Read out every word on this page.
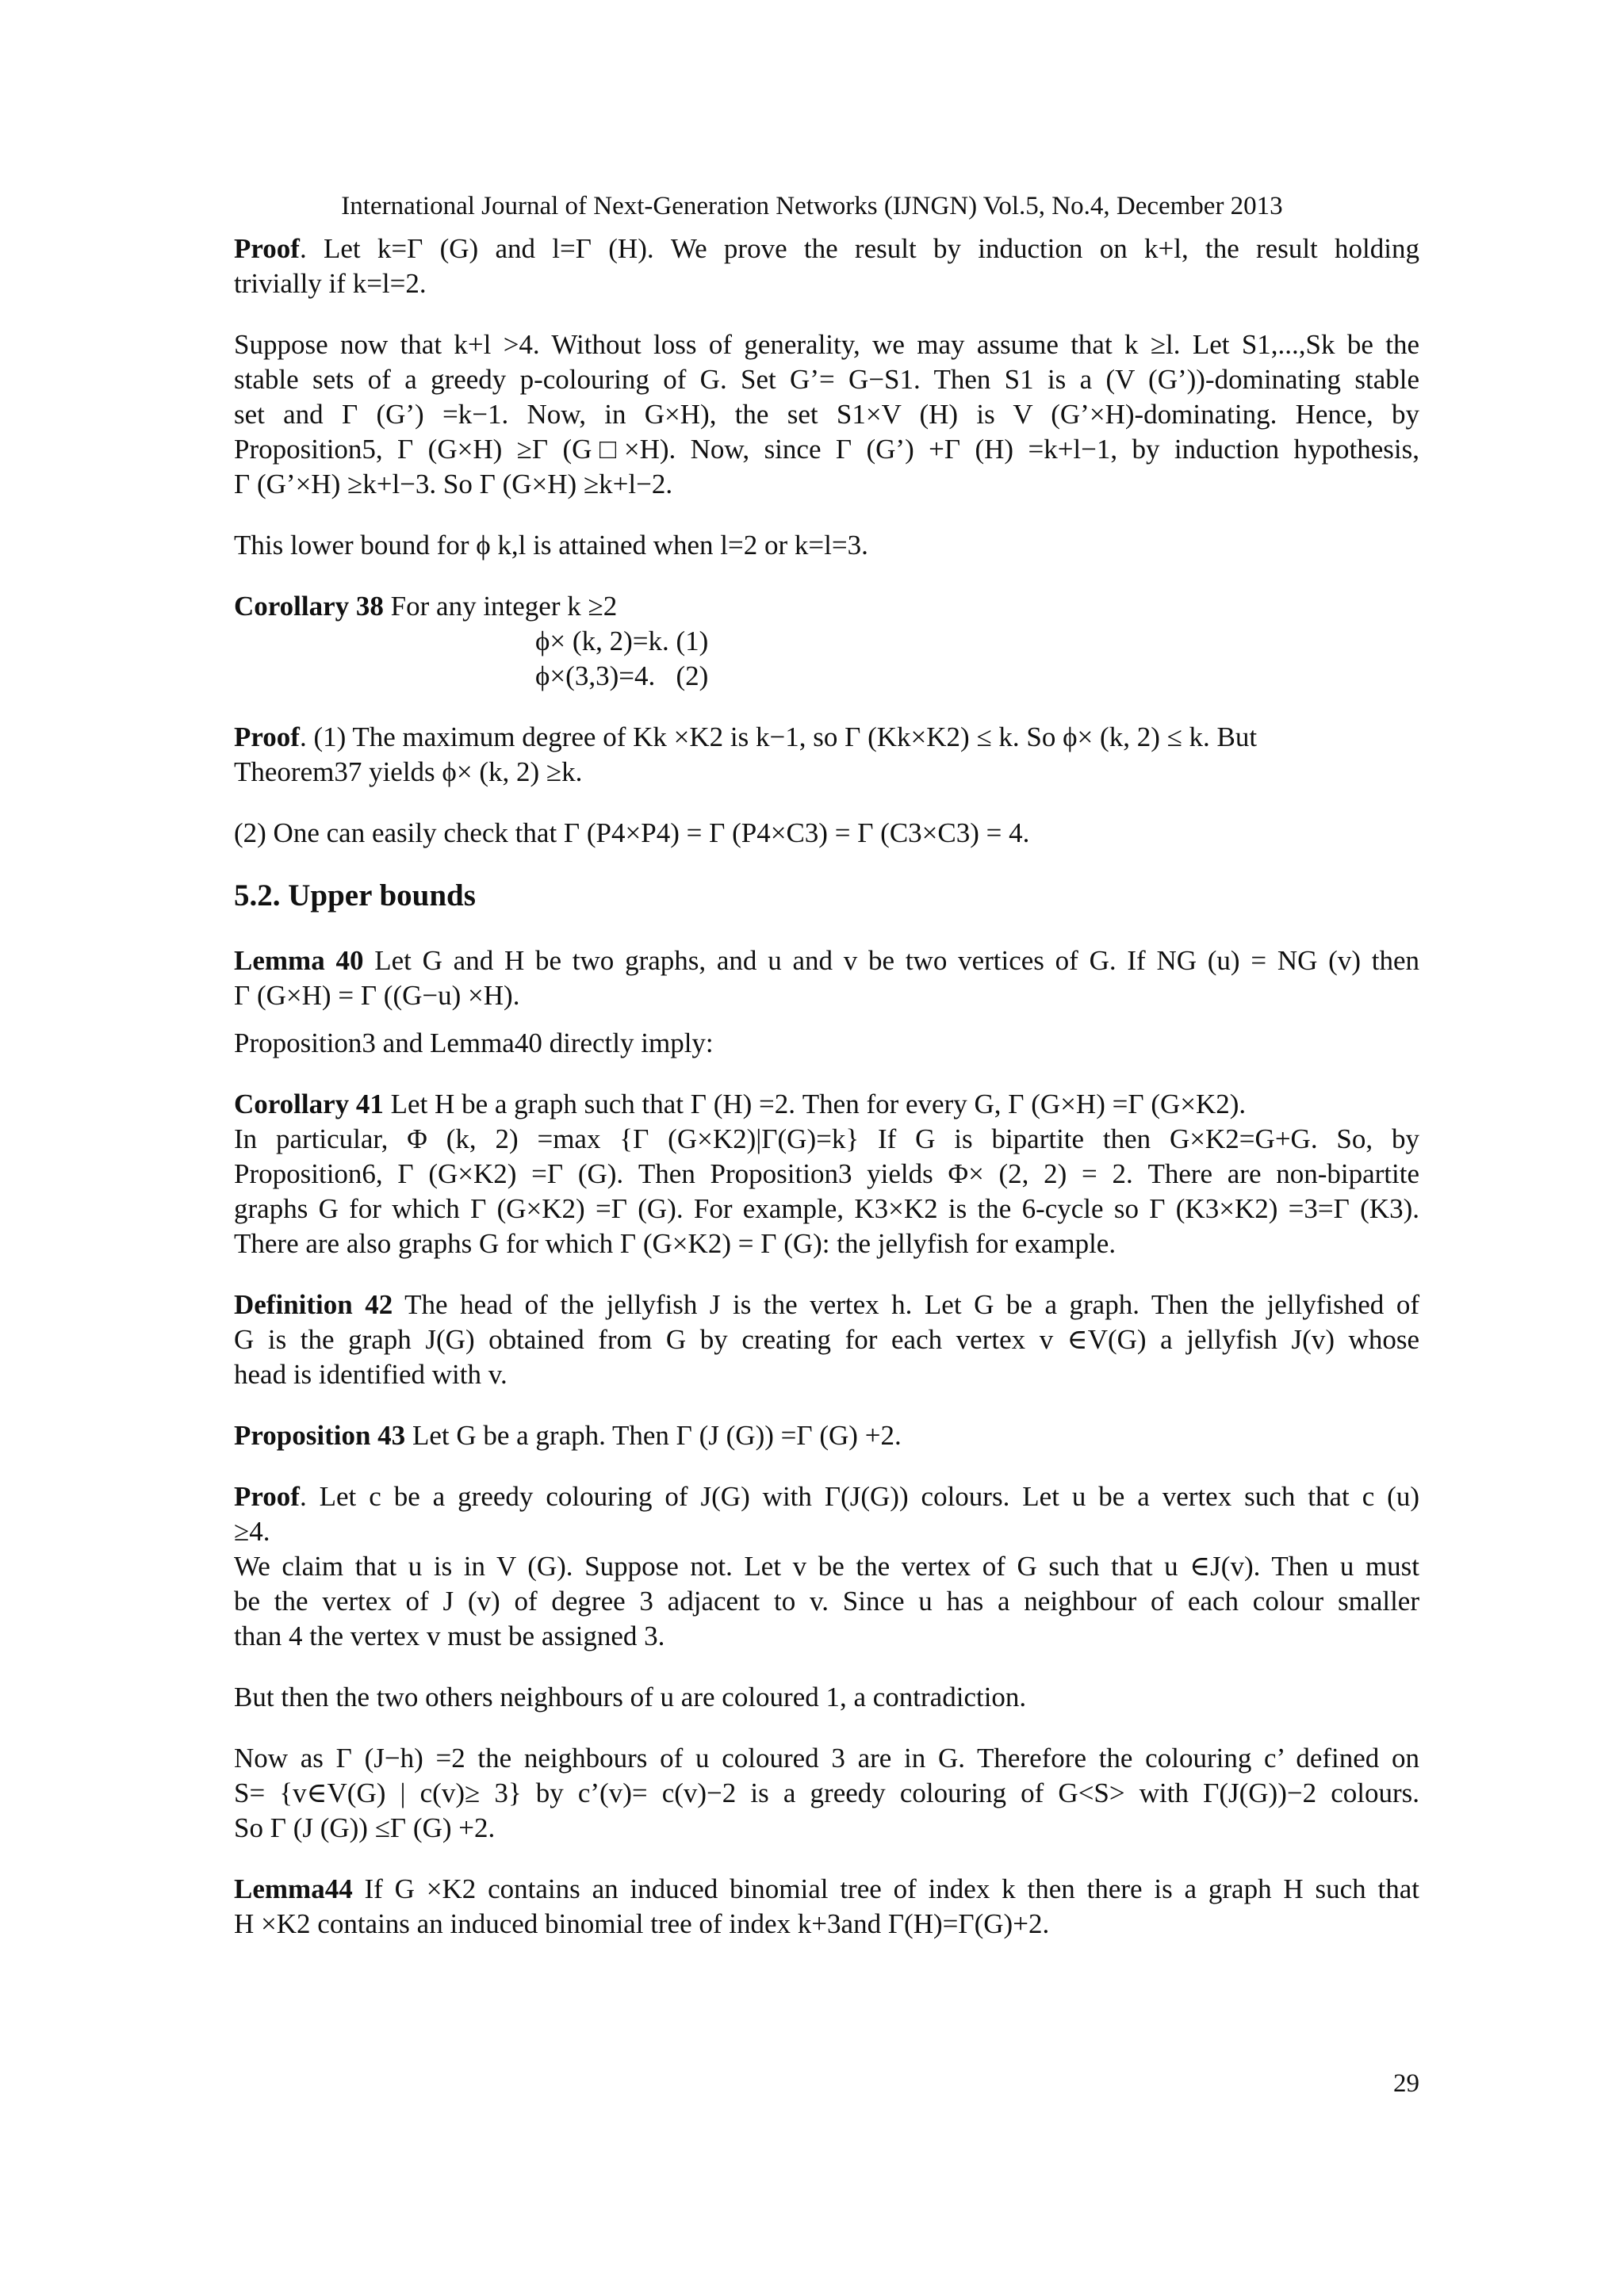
International Journal of Next-Generation Networks (IJNGN) Vol.5, No.4, December 2013
Proof. Let k=Γ (G) and l=Γ (H). We prove the result by induction on k+l, the result holding
trivially if k=l=2.
Suppose now that k+l >4. Without loss of generality, we may assume that k ≥l. Let S1,...,Sk be the
stable sets of a greedy p-colouring of G. Set G’= G−S1. Then S1 is a (V (G’))-dominating stable
set and Γ (G’) =k−1. Now, in G×H), the set S1×V (H) is V (G’×H)-dominating. Hence, by
Proposition5, Γ (G×H) ≥Γ (G□×H). Now, since Γ (G’) +Γ (H) =k+l−1, by induction hypothesis,
Γ (G’×H) ≥k+l−3. So Γ (G×H) ≥k+l−2.
This lower bound for ϕ k,l is attained when l=2 or k=l=3.
Corollary 38 For any integer k ≥2
ϕ× (k, 2)=k. (1)
ϕ×(3,3)=4.   (2)
Proof. (1) The maximum degree of Kk ×K2 is k−1, so Γ (Kk×K2) ≤ k. So ϕ× (k, 2) ≤ k. But
Theorem37 yields ϕ× (k, 2) ≥k.
(2) One can easily check that Γ (P4×P4) = Γ (P4×C3) = Γ (C3×C3) = 4.
5.2. Upper bounds
Lemma 40 Let G and H be two graphs, and u and v be two vertices of G. If NG (u) = NG (v) then
Γ (G×H) = Γ ((G−u) ×H).
Proposition3 and Lemma40 directly imply:
Corollary 41 Let H be a graph such that Γ (H) =2. Then for every G, Γ (G×H) =Γ (G×K2).
In particular, Φ (k, 2) =max {Γ (G×K2)|Γ(G)=k} If G is bipartite then G×K2=G+G. So, by
Proposition6, Γ (G×K2) =Γ (G). Then Proposition3 yields Φ× (2, 2) = 2. There are non-bipartite
graphs G for which Γ (G×K2) =Γ (G). For example, K3×K2 is the 6-cycle so Γ (K3×K2) =3=Γ (K3).
There are also graphs G for which Γ (G×K2) = Γ (G): the jellyfish for example.
Definition 42 The head of the jellyfish J is the vertex h. Let G be a graph. Then the jellyfished of
G is the graph J(G) obtained from G by creating for each vertex v ∈V(G) a jellyfish J(v) whose
head is identified with v.
Proposition 43 Let G be a graph. Then Γ (J (G)) =Γ (G) +2.
Proof. Let c be a greedy colouring of J(G) with Γ(J(G)) colours. Let u be a vertex such that c (u)
≥4.
We claim that u is in V (G). Suppose not. Let v be the vertex of G such that u ∈J(v). Then u must
be the vertex of J (v) of degree 3 adjacent to v. Since u has a neighbour of each colour smaller
than 4 the vertex v must be assigned 3.
But then the two others neighbours of u are coloured 1, a contradiction.
Now as Γ (J−h) =2 the neighbours of u coloured 3 are in G. Therefore the colouring c’ defined on
S= {v∈V(G) | c(v)≥ 3} by c’(v)= c(v)−2 is a greedy colouring of G<S> with Γ(J(G))−2 colours.
So Γ (J (G)) ≤Γ (G) +2.
Lemma44 If G ×K2 contains an induced binomial tree of index k then there is a graph H such that
H ×K2 contains an induced binomial tree of index k+3and Γ(H)=Γ(G)+2.
29
